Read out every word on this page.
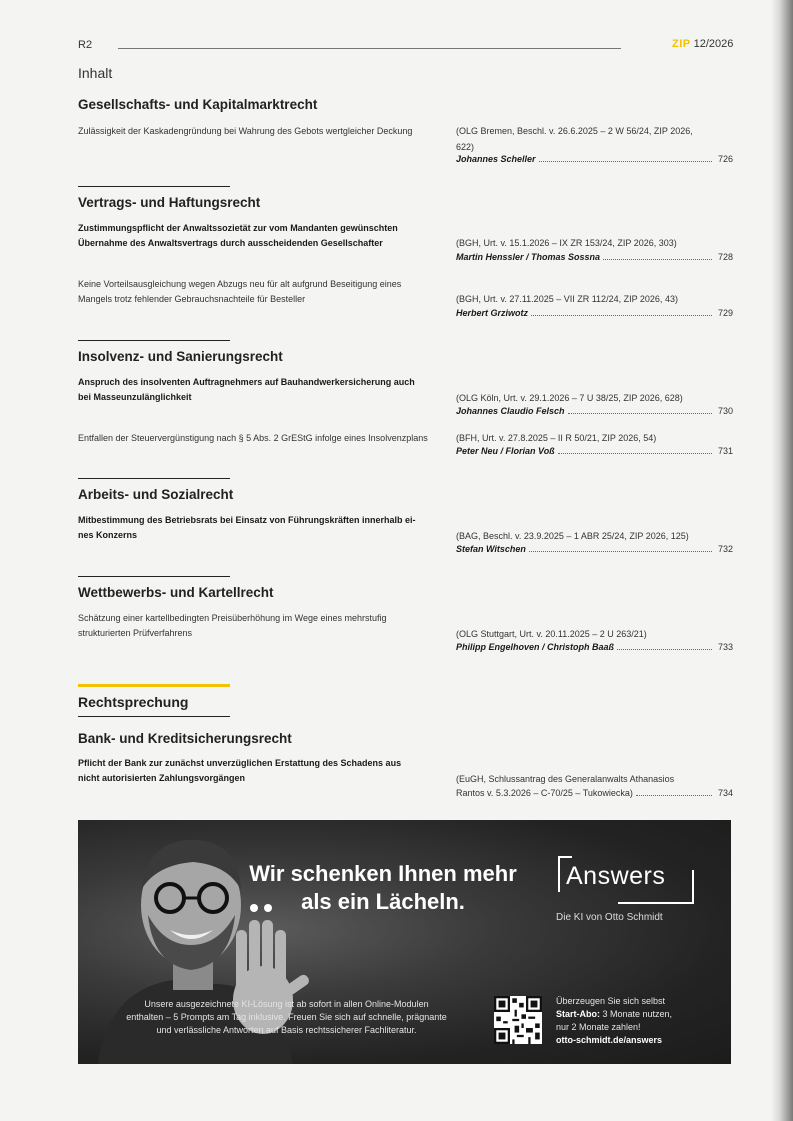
R2	ZIP 12/2026
Inhalt
Gesellschafts- und Kapitalmarktrecht
Zulässigkeit der Kaskadengründung bei Wahrung des Gebots wertgleicher Deckung	(OLG Bremen, Beschl. v. 26.6.2025 – 2 W 56/24, ZIP 2026,
622)
Johannes Scheller	726
Vertrags- und Haftungsrecht
Zustimmungspflicht der Anwaltssozietät zur vom Mandanten gewünschten
Übernahme des Anwaltsvertrags durch ausscheidenden Gesellschafter	(BGH, Urt. v. 15.1.2026 – IX ZR 153/24, ZIP 2026, 303)
Martin Henssler / Thomas Sossna	728
Keine Vorteilsausgleichung wegen Abzugs neu für alt aufgrund Beseitigung eines
Mangels trotz fehlender Gebrauchsnachteile für Besteller	(BGH, Urt. v. 27.11.2025 – VII ZR 112/24, ZIP 2026, 43)
Herbert Grziwotz	729
Insolvenz- und Sanierungsrecht
Anspruch des insolventen Auftragnehmers auf Bauhandwerkersicherung auch
bei Masseunzulänglichkeit	(OLG Köln, Urt. v. 29.1.2026 – 7 U 38/25, ZIP 2026, 628)
Johannes Claudio Felsch	730
Entfallen der Steuervergünstigung nach § 5 Abs. 2 GrEStG infolge eines Insolvenzplans	(BFH, Urt. v. 27.8.2025 – II R 50/21, ZIP 2026, 54)
Peter Neu / Florian Voß	731
Arbeits- und Sozialrecht
Mitbestimmung des Betriebsrats bei Einsatz von Führungskräften innerhalb ei-
nes Konzerns	(BAG, Beschl. v. 23.9.2025 – 1 ABR 25/24, ZIP 2026, 125)
Stefan Witschen	732
Wettbewerbs- und Kartellrecht
Schätzung einer kartellbedingten Preisüberhöhung im Wege eines mehrstufig
strukturierten Prüfverfahrens	(OLG Stuttgart, Urt. v. 20.11.2025 – 2 U 263/21)
Philipp Engelhoven / Christoph Baaß	733
Rechtsprechung
Bank- und Kreditsicherungsrecht
Pflicht der Bank zur zunächst unverzüglichen Erstattung des Schadens aus
nicht autorisierten Zahlungsvorgängen	(EuGH, Schlussantrag des Generalanwalts Athanasios
Rantos v. 5.3.2026 – C-70/25 – Tukowiecka)	734
Wir schenken Ihnen mehr
als ein Lächeln.
Answers
Die KI von Otto Schmidt
Unsere ausgezeichnete KI-Lösung ist ab sofort in allen Online-Modulen
enthalten – 5 Prompts am Tag inklusive. Freuen Sie sich auf schnelle, prägnante
und verlässliche Antworten auf Basis rechtssicherer Fachliteratur.
Überzeugen Sie sich selbst
Start-Abo: 3 Monate nutzen,
nur 2 Monate zahlen!
otto-schmidt.de/answers
